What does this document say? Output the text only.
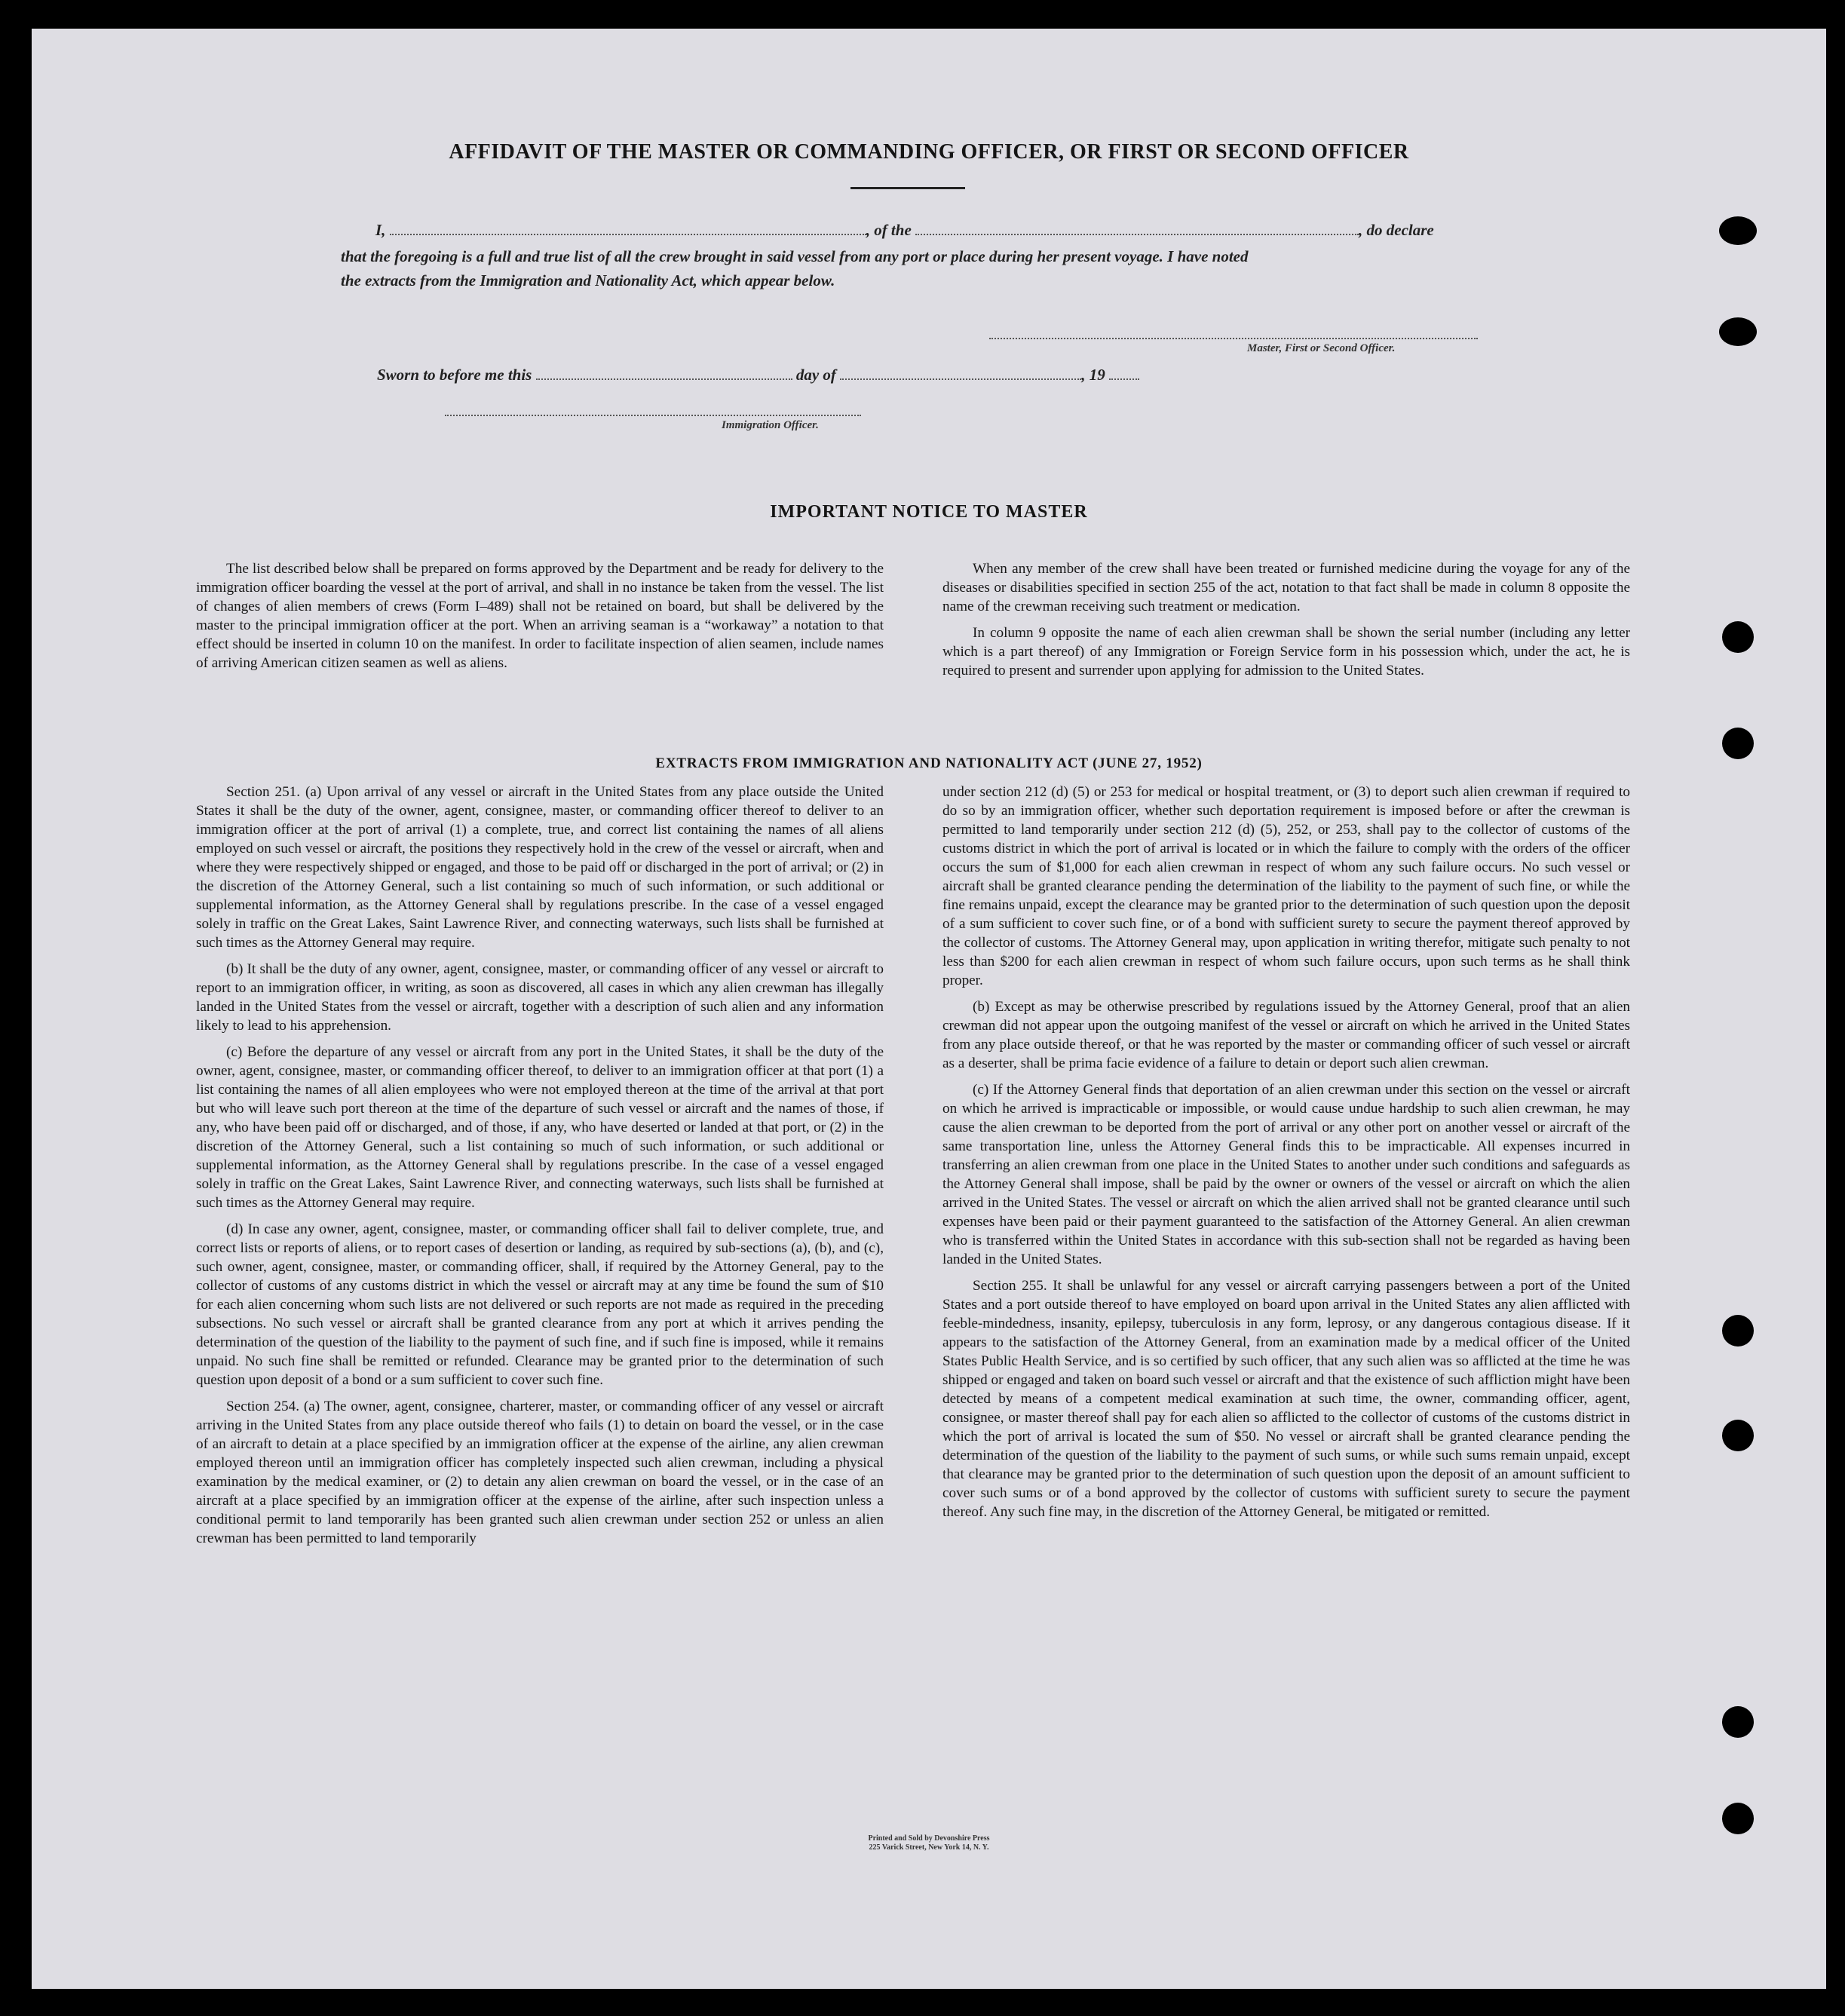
AFFIDAVIT OF THE MASTER OR COMMANDING OFFICER, OR FIRST OR SECOND OFFICER
I,	, of the	, do declare
that the foregoing is a full and true list of all the crew brought in said vessel from any port or place during her present voyage. I have noted
the extracts from the Immigration and Nationality Act, which appear below.
Master, First or Second Officer.
Sworn to before me this	day of	, 19
Immigration Officer.
IMPORTANT NOTICE TO MASTER

The list described below shall be prepared on forms approved by the Department and be ready for delivery to the immigration officer boarding the vessel at the port of arrival, and shall in no instance be taken from the vessel. The list of changes of alien members of crews (Form I–489) shall not be retained on board, but shall be delivered by the master to the principal immigration officer at the port. When an arriving seaman is a “workaway” a notation to that effect should be inserted in column 10 on the manifest. In order to facilitate inspection of alien seamen, include names of arriving American citizen seamen as well as aliens.

When any member of the crew shall have been treated or furnished medicine during the voyage for any of the diseases or disabilities specified in section 255 of the act, notation to that fact shall be made in column 8 opposite the name of the crewman receiving such treatment or medication.

In column 9 opposite the name of each alien crewman shall be shown the serial number (including any letter which is a part thereof) of any Immigration or Foreign Service form in his possession which, under the act, he is required to present and surrender upon applying for admission to the United States.

EXTRACTS FROM IMMIGRATION AND NATIONALITY ACT (JUNE 27, 1952)

Section 251. (a) Upon arrival of any vessel or aircraft in the United States from any place outside the United States it shall be the duty of the owner, agent, consignee, master, or commanding officer thereof to deliver to an immigration officer at the port of arrival (1) a complete, true, and correct list containing the names of all aliens employed on such vessel or aircraft, the positions they respectively hold in the crew of the vessel or aircraft, when and where they were respectively shipped or engaged, and those to be paid off or discharged in the port of arrival; or (2) in the discretion of the Attorney General, such a list containing so much of such information, or such additional or supplemental information, as the Attorney General shall by regulations prescribe. In the case of a vessel engaged solely in traffic on the Great Lakes, Saint Lawrence River, and connecting waterways, such lists shall be furnished at such times as the Attorney General may require.

(b) It shall be the duty of any owner, agent, consignee, master, or commanding officer of any vessel or aircraft to report to an immigration officer, in writing, as soon as discovered, all cases in which any alien crewman has illegally landed in the United States from the vessel or aircraft, together with a description of such alien and any information likely to lead to his apprehension.

(c) Before the departure of any vessel or aircraft from any port in the United States, it shall be the duty of the owner, agent, consignee, master, or commanding officer thereof, to deliver to an immigration officer at that port (1) a list containing the names of all alien employees who were not employed thereon at the time of the arrival at that port but who will leave such port thereon at the time of the departure of such vessel or aircraft and the names of those, if any, who have been paid off or discharged, and of those, if any, who have deserted or landed at that port, or (2) in the discretion of the Attorney General, such a list containing so much of such information, or such additional or supplemental information, as the Attorney General shall by regulations prescribe. In the case of a vessel engaged solely in traffic on the Great Lakes, Saint Lawrence River, and connecting waterways, such lists shall be furnished at such times as the Attorney General may require.

(d) In case any owner, agent, consignee, master, or commanding officer shall fail to deliver complete, true, and correct lists or reports of aliens, or to report cases of desertion or landing, as required by sub-sections (a), (b), and (c), such owner, agent, consignee, master, or commanding officer, shall, if required by the Attorney General, pay to the collector of customs of any customs district in which the vessel or aircraft may at any time be found the sum of $10 for each alien concerning whom such lists are not delivered or such reports are not made as required in the preceding subsections. No such vessel or aircraft shall be granted clearance from any port at which it arrives pending the determination of the question of the liability to the payment of such fine, and if such fine is imposed, while it remains unpaid. No such fine shall be remitted or refunded. Clearance may be granted prior to the determination of such question upon deposit of a bond or a sum sufficient to cover such fine.

Section 254. (a) The owner, agent, consignee, charterer, master, or commanding officer of any vessel or aircraft arriving in the United States from any place outside thereof who fails (1) to detain on board the vessel, or in the case of an aircraft to detain at a place specified by an immigration officer at the expense of the airline, any alien crewman employed thereon until an immigration officer has completely inspected such alien crewman, including a physical examination by the medical examiner, or (2) to detain any alien crewman on board the vessel, or in the case of an aircraft at a place specified by an immigration officer at the expense of the airline, after such inspection unless a conditional permit to land temporarily has been granted such alien crewman under section 252 or unless an alien crewman has been permitted to land temporarily

under section 212 (d) (5) or 253 for medical or hospital treatment, or (3) to deport such alien crewman if required to do so by an immigration officer, whether such deportation requirement is imposed before or after the crewman is permitted to land temporarily under section 212 (d) (5), 252, or 253, shall pay to the collector of customs of the customs district in which the port of arrival is located or in which the failure to comply with the orders of the officer occurs the sum of $1,000 for each alien crewman in respect of whom any such failure occurs. No such vessel or aircraft shall be granted clearance pending the determination of the liability to the payment of such fine, or while the fine remains unpaid, except the clearance may be granted prior to the determination of such question upon the deposit of a sum sufficient to cover such fine, or of a bond with sufficient surety to secure the payment thereof approved by the collector of customs. The Attorney General may, upon application in writing therefor, mitigate such penalty to not less than $200 for each alien crewman in respect of whom such failure occurs, upon such terms as he shall think proper.

(b) Except as may be otherwise prescribed by regulations issued by the Attorney General, proof that an alien crewman did not appear upon the outgoing manifest of the vessel or aircraft on which he arrived in the United States from any place outside thereof, or that he was reported by the master or commanding officer of such vessel or aircraft as a deserter, shall be prima facie evidence of a failure to detain or deport such alien crewman.

(c) If the Attorney General finds that deportation of an alien crewman under this section on the vessel or aircraft on which he arrived is impracticable or impossible, or would cause undue hardship to such alien crewman, he may cause the alien crewman to be deported from the port of arrival or any other port on another vessel or aircraft of the same transportation line, unless the Attorney General finds this to be impracticable. All expenses incurred in transferring an alien crewman from one place in the United States to another under such conditions and safeguards as the Attorney General shall impose, shall be paid by the owner or owners of the vessel or aircraft on which the alien arrived in the United States. The vessel or aircraft on which the alien arrived shall not be granted clearance until such expenses have been paid or their payment guaranteed to the satisfaction of the Attorney General. An alien crewman who is transferred within the United States in accordance with this sub-section shall not be regarded as having been landed in the United States.

Section 255. It shall be unlawful for any vessel or aircraft carrying passengers between a port of the United States and a port outside thereof to have employed on board upon arrival in the United States any alien afflicted with feeble-mindedness, insanity, epilepsy, tuberculosis in any form, leprosy, or any dangerous contagious disease. If it appears to the satisfaction of the Attorney General, from an examination made by a medical officer of the United States Public Health Service, and is so certified by such officer, that any such alien was so afflicted at the time he was shipped or engaged and taken on board such vessel or aircraft and that the existence of such affliction might have been detected by means of a competent medical examination at such time, the owner, commanding officer, agent, consignee, or master thereof shall pay for each alien so afflicted to the collector of customs of the customs district in which the port of arrival is located the sum of $50. No vessel or aircraft shall be granted clearance pending the determination of the question of the liability to the payment of such sums, or while such sums remain unpaid, except that clearance may be granted prior to the determination of such question upon the deposit of an amount sufficient to cover such sums or of a bond approved by the collector of customs with sufficient surety to secure the payment thereof. Any such fine may, in the discretion of the Attorney General, be mitigated or remitted.

Printed and Sold by Devonshire Press
225 Varick Street, New York 14, N. Y.
